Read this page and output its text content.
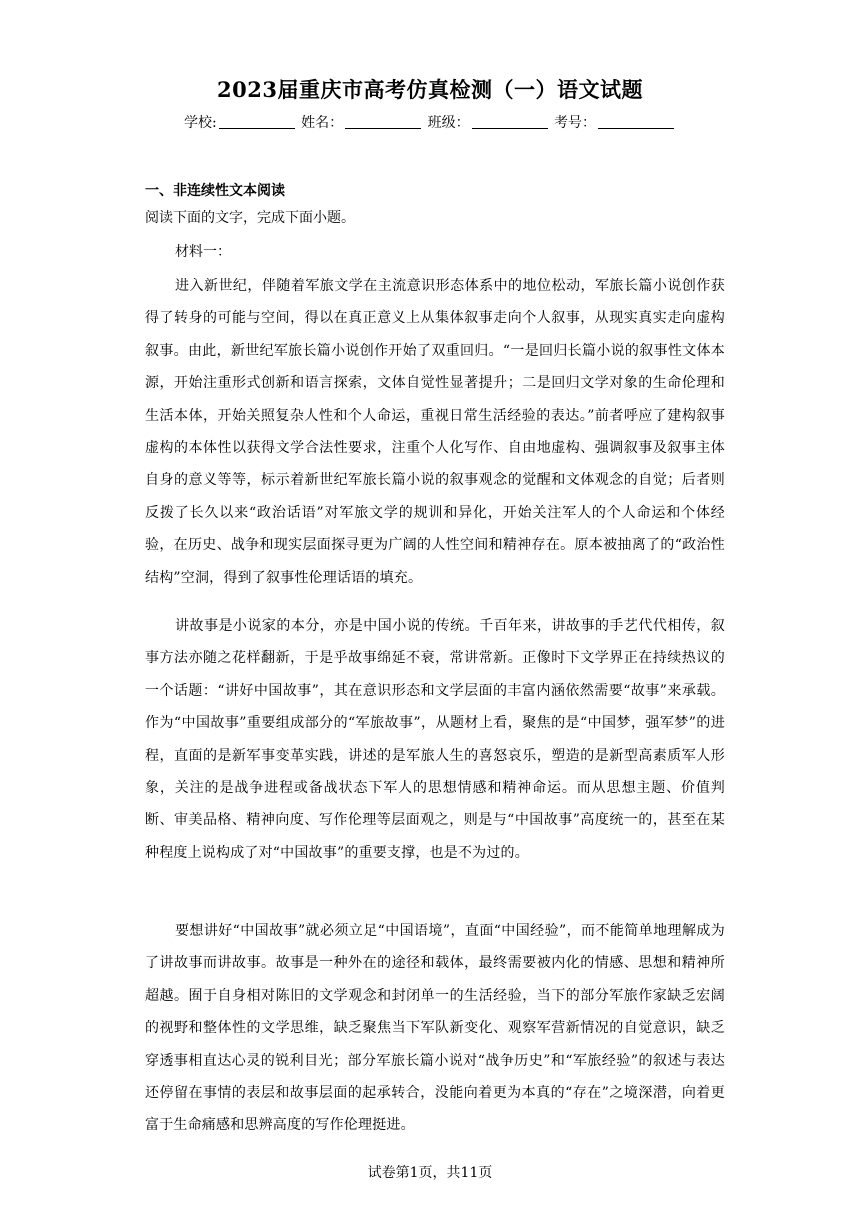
2023届重庆市高考仿真检测（一）语文试题
学校:	姓名：	班级：	考号：
一、非连续性文本阅读
阅读下面的文字，完成下面小题。
材料一：

进入新世纪，伴随着军旅文学在主流意识形态体系中的地位松动，军旅长篇小说创作获得了转身的可能与空间，得以在真正意义上从集体叙事走向个人叙事，从现实真实走向虚构叙事。由此，新世纪军旅长篇小说创作开始了双重回归。“一是回归长篇小说的叙事性文体本源，开始注重形式创新和语言探索，文体自觉性显著提升；二是回归文学对象的生命伦理和生活本体，开始关照复杂人性和个人命运，重视日常生活经验的表达。”前者呼应了建构叙事虚构的本体性以获得文学合法性要求，注重个人化写作、自由地虚构、强调叙事及叙事主体自身的意义等等，标示着新世纪军旅长篇小说的叙事观念的觉醒和文体观念的自觉；后者则反拨了长久以来“政治话语”对军旅文学的规训和异化，开始关注军人的个人命运和个体经验，在历史、战争和现实层面探寻更为广阔的人性空间和精神存在。原本被抽离了的“政治性结构”空洞，得到了叙事性伦理话语的填充。

讲故事是小说家的本分，亦是中国小说的传统。千百年来，讲故事的手艺代代相传，叙事方法亦随之花样翻新，于是乎故事绵延不衰，常讲常新。正像时下文学界正在持续热议的一个话题：“讲好中国故事”，其在意识形态和文学层面的丰富内涵依然需要“故事”来承载。作为“中国故事”重要组成部分的“军旅故事”，从题材上看，聚焦的是“中国梦，强军梦”的进程，直面的是新军事变革实践，讲述的是军旅人生的喜怒哀乐，塑造的是新型高素质军人形象，关注的是战争进程或备战状态下军人的思想情感和精神命运。而从思想主题、价值判断、审美品格、精神向度、写作伦理等层面观之，则是与“中国故事”高度统一的，甚至在某种程度上说构成了对“中国故事”的重要支撑，也是不为过的。

要想讲好“中国故事”就必须立足“中国语境”，直面“中国经验”，而不能简单地理解成为了讲故事而讲故事。故事是一种外在的途径和载体，最终需要被内化的情感、思想和精神所超越。囿于自身相对陈旧的文学观念和封闭单一的生活经验，当下的部分军旅作家缺乏宏阔的视野和整体性的文学思维，缺乏聚焦当下军队新变化、观察军营新情况的自觉意识，缺乏穿透事相直达心灵的锐利目光；部分军旅长篇小说对“战争历史”和“军旅经验”的叙述与表达还停留在事情的表层和故事层面的起承转合，没能向着更为本真的“存在”之境深潜，向着更富于生命痛感和思辨高度的写作伦理挺进。

试卷第1页，共11页
